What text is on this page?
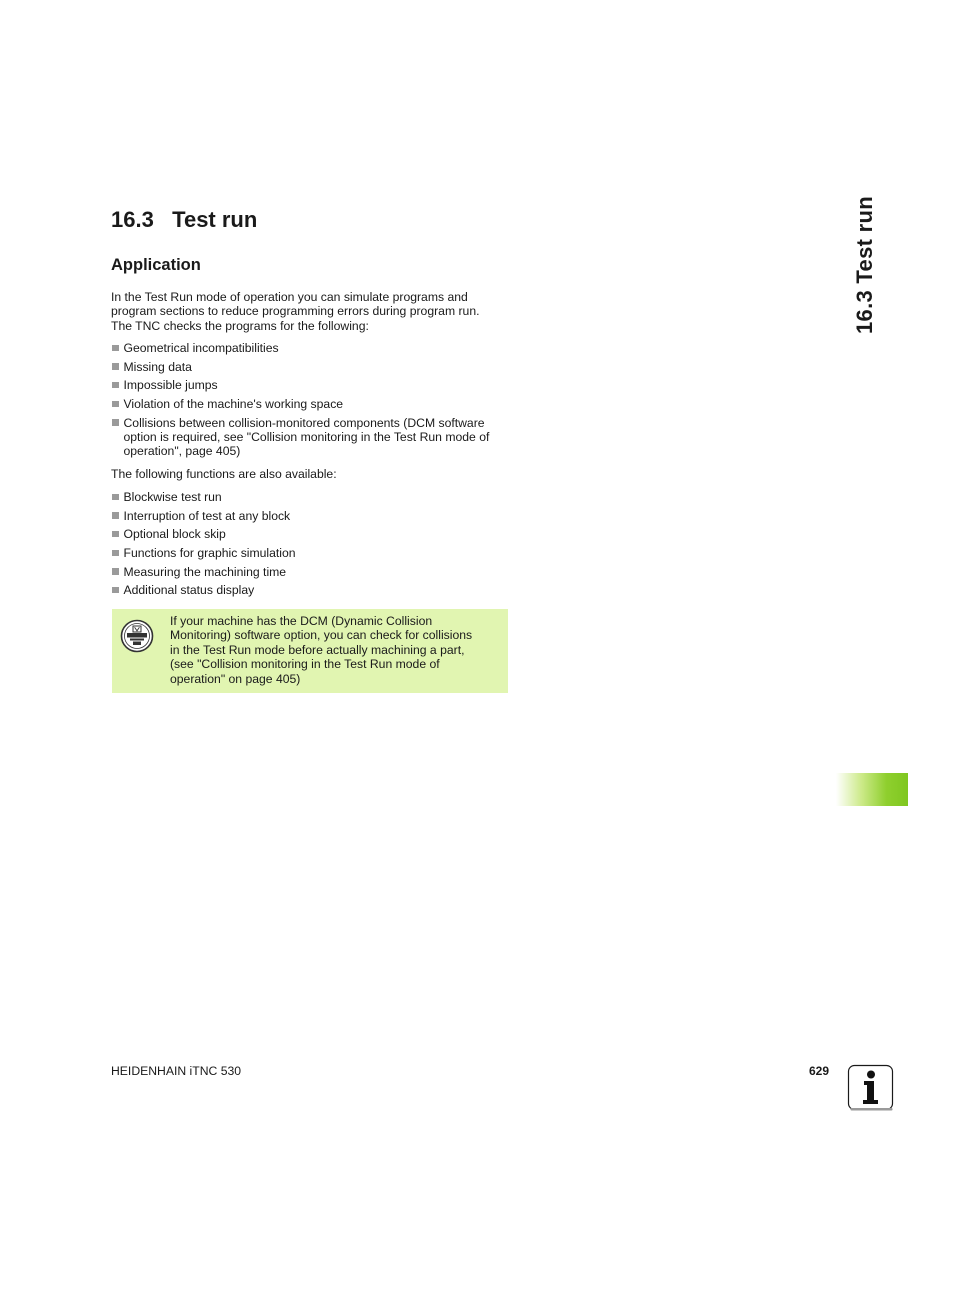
16.3   Test run
Application

In the Test Run mode of operation you can simulate programs and
program sections to reduce programming errors during program run.
The TNC checks the programs for the following:

Geometrical incompatibilities
Missing data
Impossible jumps
Violation of the machine's working space
Collisions between collision-monitored components (DCM software
option is required, see "Collision monitoring in the Test Run mode of
operation", page 405)

The following functions are also available:

Blockwise test run
Interruption of test at any block
Optional block skip
Functions for graphic simulation
Measuring the machining time
Additional status display
If your machine has the DCM (Dynamic Collision
Monitoring) software option, you can check for collisions
in the Test Run mode before actually machining a part,
(see "Collision monitoring in the Test Run mode of
operation" on page 405)
16.3 Test run
HEIDENHAIN iTNC 530	629
